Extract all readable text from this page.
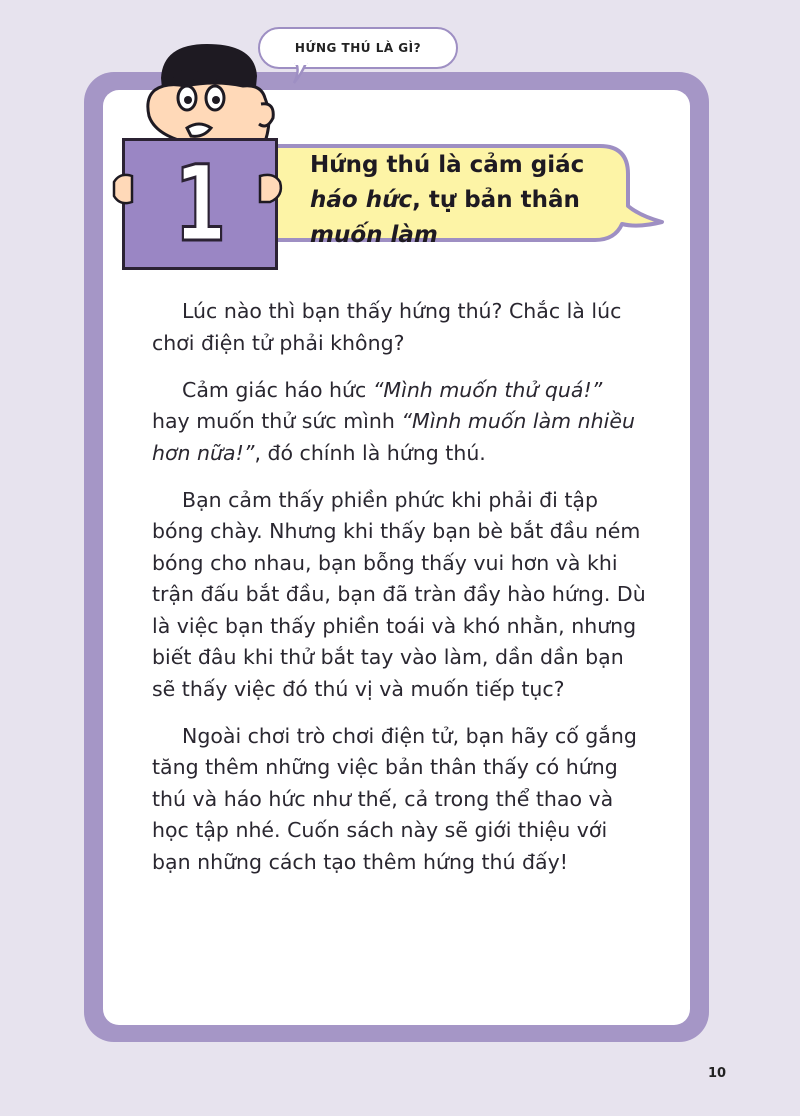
HỨNG THÚ LÀ GÌ?
Hứng thú là cảm giác
háo hức, tự bản thân
muốn làm
1

Lúc nào thì bạn thấy hứng thú? Chắc là lúc chơi điện tử phải không?

Cảm giác háo hức “Mình muốn thử quá!” hay muốn thử sức mình “Mình muốn làm nhiều hơn nữa!”, đó chính là hứng thú.

Bạn cảm thấy phiền phức khi phải đi tập bóng chày. Nhưng khi thấy bạn bè bắt đầu ném bóng cho nhau, bạn bỗng thấy vui hơn và khi trận đấu bắt đầu, bạn đã tràn đầy hào hứng. Dù là việc bạn thấy phiền toái và khó nhằn, nhưng biết đâu khi thử bắt tay vào làm, dần dần bạn sẽ thấy việc đó thú vị và muốn tiếp tục?

Ngoài chơi trò chơi điện tử, bạn hãy cố gắng tăng thêm những việc bản thân thấy có hứng thú và háo hức như thế, cả trong thể thao và học tập nhé. Cuốn sách này sẽ giới thiệu với bạn những cách tạo thêm hứng thú đấy!

10
